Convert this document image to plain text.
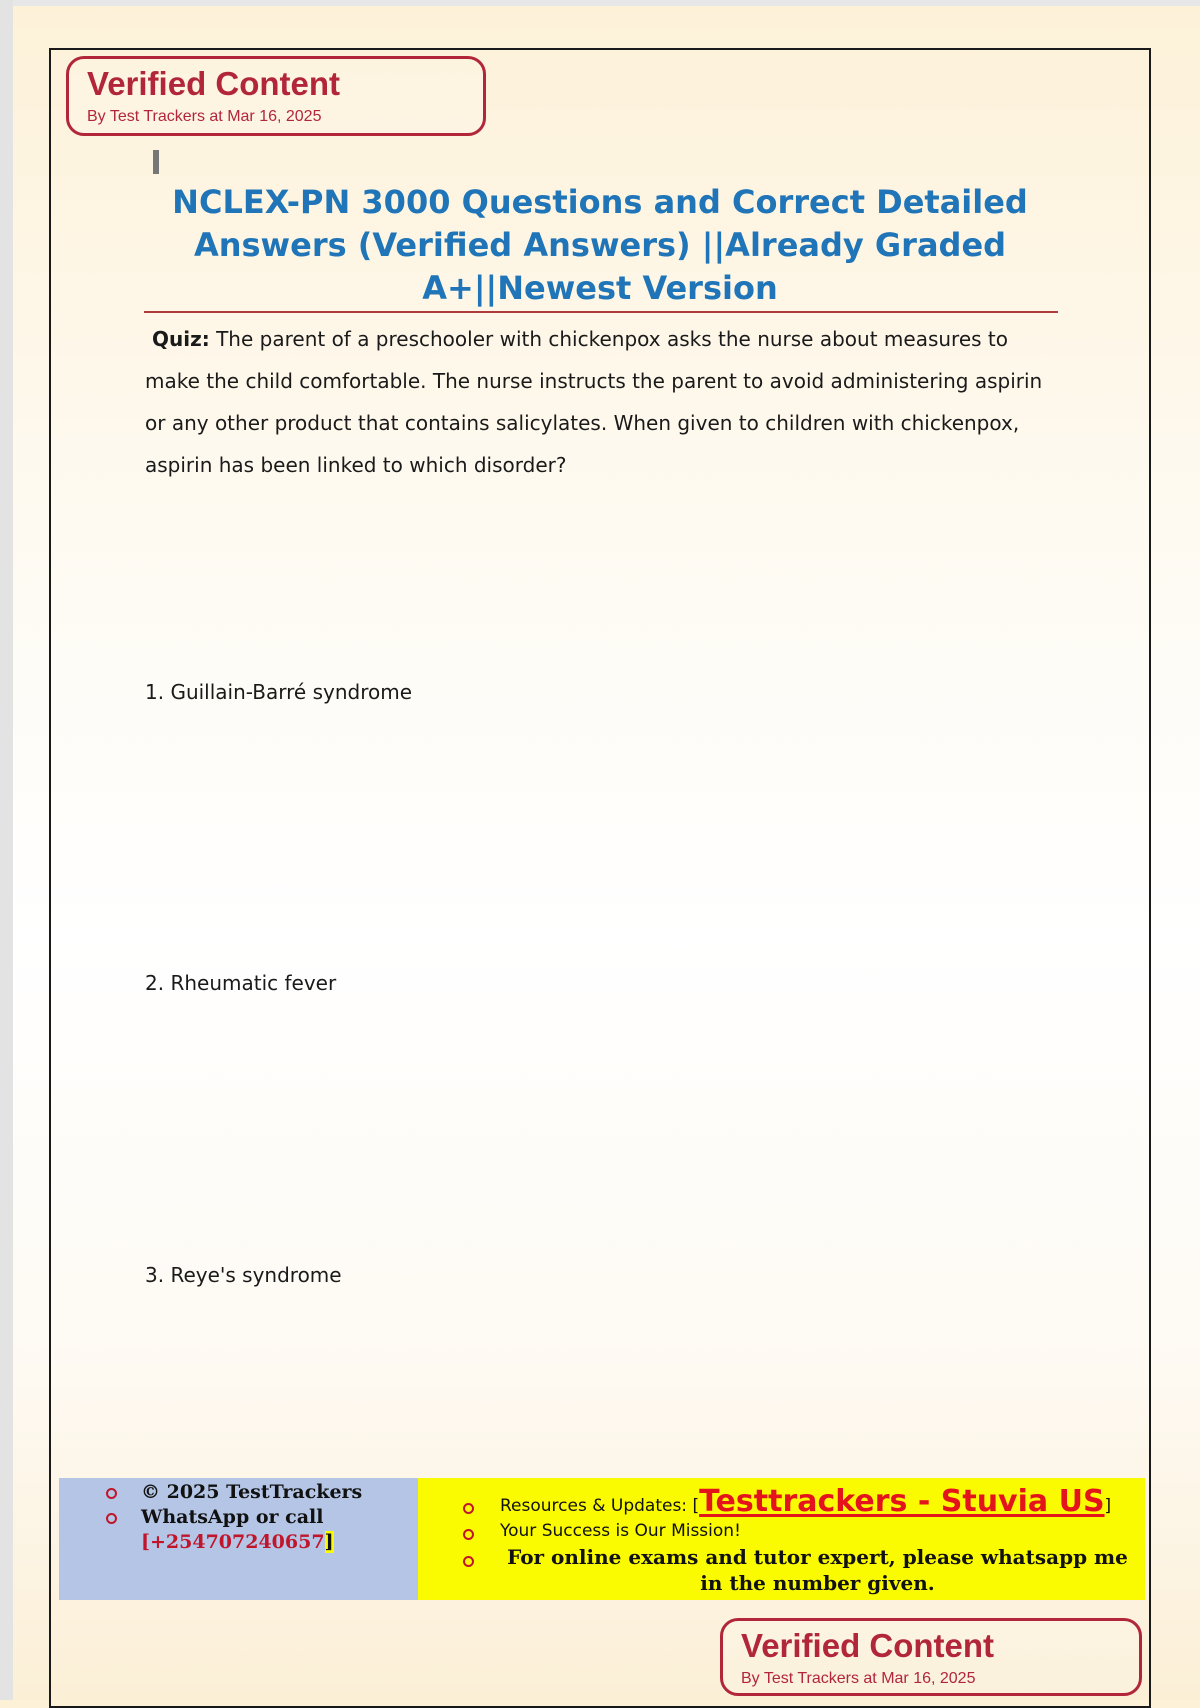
Verified Content
By Test Trackers at Mar 16, 2025
NCLEX-PN 3000 Questions and Correct Detailed Answers (Verified Answers) ||Already Graded A+||Newest Version
Quiz: The parent of a preschooler with chickenpox asks the nurse about measures to make the child comfortable. The nurse instructs the parent to avoid administering aspirin or any other product that contains salicylates. When given to children with chickenpox, aspirin has been linked to which disorder?
1. Guillain-Barré syndrome
2. Rheumatic fever
3. Reye's syndrome
© 2025 TestTrackers
WhatsApp or call
[+254707240657]
Resources & Updates: [Testtrackers - Stuvia US]
Your Success is Our Mission!
For online exams and tutor expert, please whatsapp me in the number given.
Verified Content
By Test Trackers at Mar 16, 2025
